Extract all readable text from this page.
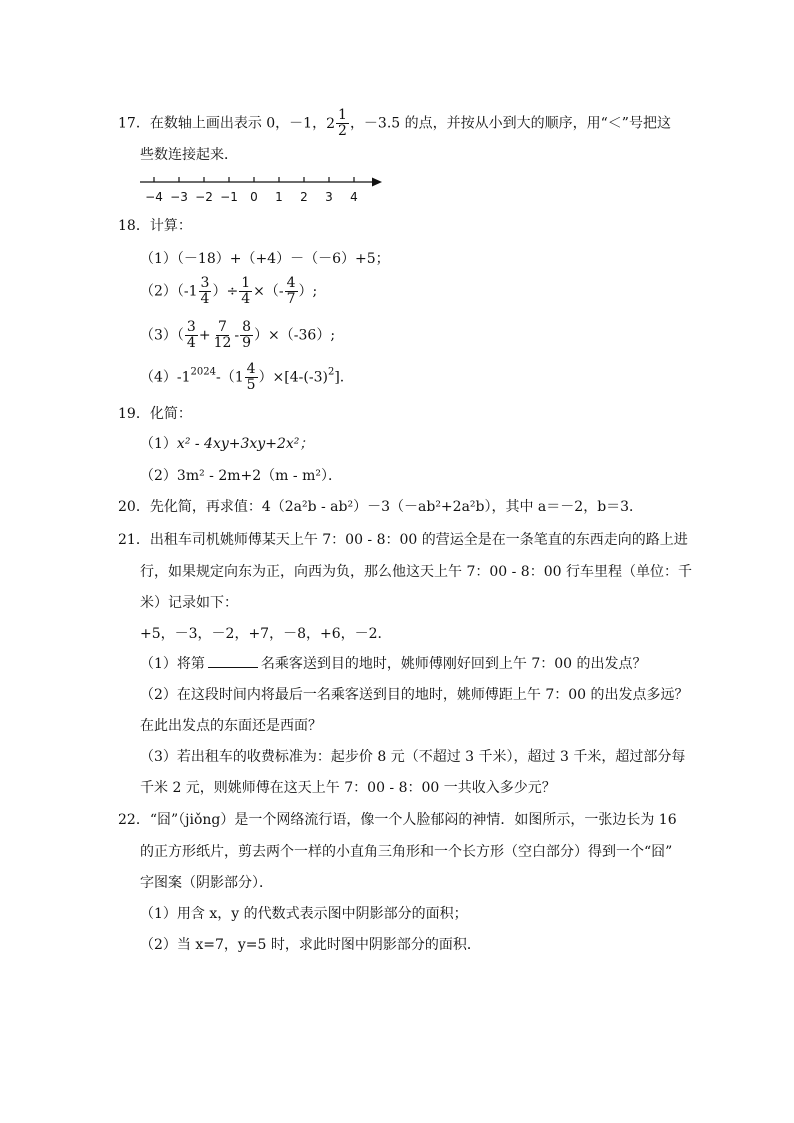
17．在数轴上画出表示 0，－1， $2 \frac{1}{2}$ ，－3.5 的点，并按从小到大的顺序，用“＜”号把这
些数连接起来．
−4 −3 −2 −1 0 1 2 3 4
18．计算：
（1）（－18）+（+4）－（－6）+5；
$(2)(-1 \frac{3}{4}$ ）÷ $\frac{1}{4}$ ×（- $\frac{4}{7}$ ）;
$(3)( \frac{3}{4} + \frac{7}{12} - \frac{8}{9} )\times(-36)$;
$(4)-1^{2024}-(1 \frac{4}{5} )\times[4-(-3)^2]$.
19．化简：
（1）x² - 4xy+3xy+2x²；
（2）3m² - 2m+2（m - m²）．
20．先化简，再求值：4（2a²b - ab²）－3（－ab²+2a²b），其中 a＝－2，b＝3．
21．出租车司机姚师傅某天上午 7：00 - 8：00 的营运全是在一条笔直的东西走向的路上进
行，如果规定向东为正，向西为负，那么他这天上午 7：00 - 8：00 行车里程（单位：千
米）记录如下：
+5，－3，－2，+7，－8，+6，－2．
（1）将第	名乘客送到目的地时，姚师傅刚好回到上午 7：00 的出发点？
（2）在这段时间内将最后一名乘客送到目的地时，姚师傅距上午 7：00 的出发点多远？
在此出发点的东面还是西面？
（3）若出租车的收费标准为：起步价 8 元（不超过 3 千米），超过 3 千米，超过部分每
千米 2 元，则姚师傅在这天上午 7：00 - 8：00 一共收入多少元？
22．“囧”（jiǒng）是一个网络流行语，像一个人脸郁闷的神情．如图所示，一张边长为 16
的正方形纸片，剪去两个一样的小直角三角形和一个长方形（空白部分）得到一个“囧”
字图案（阴影部分）．
（1）用含 x，y 的代数式表示图中阴影部分的面积；
（2）当 x=7，y=5 时，求此时图中阴影部分的面积．
